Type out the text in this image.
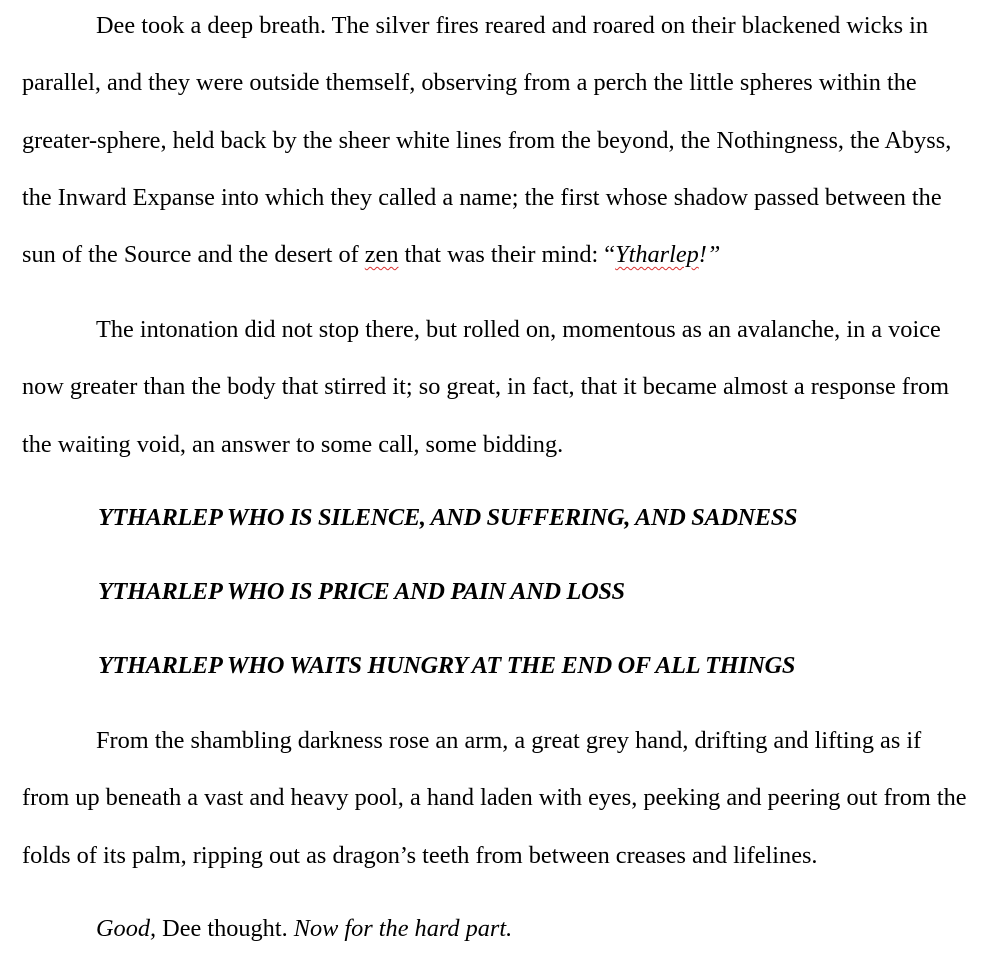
Dee took a deep breath. The silver fires reared and roared on their blackened wicks in
parallel, and they were outside themself, observing from a perch the little spheres within the
greater-sphere, held back by the sheer white lines from the beyond, the Nothingness, the Abyss,
the Inward Expanse into which they called a name; the first whose shadow passed between the
sun of the Source and the desert of zen that was their mind: “Ytharlep!”
The intonation did not stop there, but rolled on, momentous as an avalanche, in a voice
now greater than the body that stirred it; so great, in fact, that it became almost a response from
the waiting void, an answer to some call, some bidding.
YTHARLEP WHO IS SILENCE, AND SUFFERING, AND SADNESS
YTHARLEP WHO IS PRICE AND PAIN AND LOSS
YTHARLEP WHO WAITS HUNGRY AT THE END OF ALL THINGS
From the shambling darkness rose an arm, a great grey hand, drifting and lifting as if
from up beneath a vast and heavy pool, a hand laden with eyes, peeking and peering out from the
folds of its palm, ripping out as dragon’s teeth from between creases and lifelines.
Good, Dee thought. Now for the hard part.
